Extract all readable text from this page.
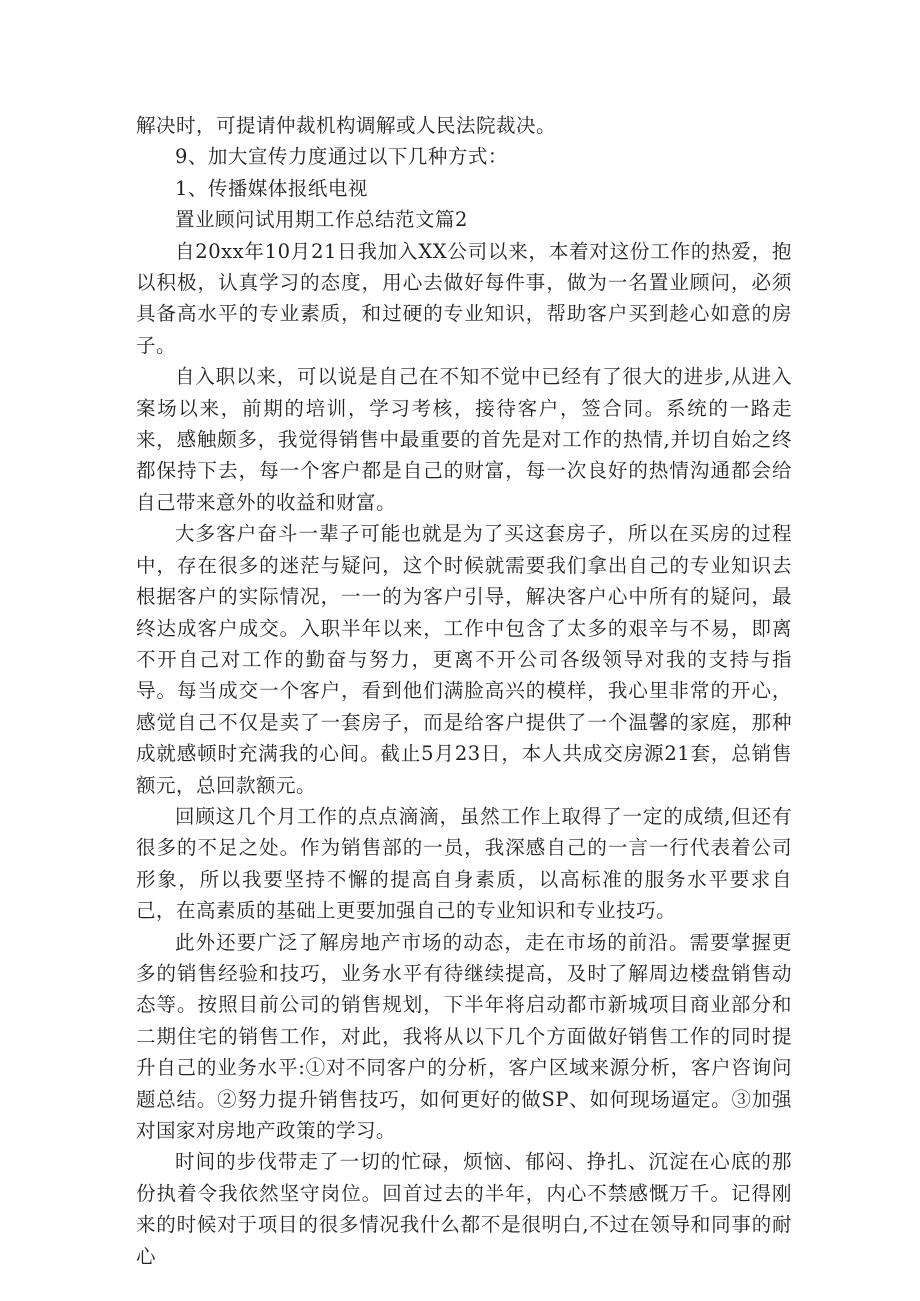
解决时，可提请仲裁机构调解或人民法院裁决。

9、加大宣传力度通过以下几种方式：

1、传播媒体报纸电视

置业顾问试用期工作总结范文篇2

自20xx年10月21日我加入XX公司以来，本着对这份工作的热爱，抱以积极，认真学习的态度，用心去做好每件事，做为一名置业顾问，必须具备高水平的专业素质，和过硬的专业知识，帮助客户买到趁心如意的房子。

自入职以来，可以说是自己在不知不觉中已经有了很大的进步,从进入案场以来，前期的培训，学习考核，接待客户，签合同。系统的一路走来，感触颇多，我觉得销售中最重要的首先是对工作的热情,并切自始之终都保持下去，每一个客户都是自己的财富，每一次良好的热情沟通都会给自己带来意外的收益和财富。

大多客户奋斗一辈子可能也就是为了买这套房子，所以在买房的过程中，存在很多的迷茫与疑问，这个时候就需要我们拿出自己的专业知识去根据客户的实际情况，一一的为客户引导，解决客户心中所有的疑问，最终达成客户成交。入职半年以来，工作中包含了太多的艰辛与不易，即离不开自己对工作的勤奋与努力，更离不开公司各级领导对我的支持与指导。每当成交一个客户，看到他们满脸高兴的模样，我心里非常的开心，感觉自己不仅是卖了一套房子，而是给客户提供了一个温馨的家庭，那种成就感顿时充满我的心间。截止5月23日，本人共成交房源21套，总销售额元，总回款额元。

回顾这几个月工作的点点滴滴，虽然工作上取得了一定的成绩,但还有很多的不足之处。作为销售部的一员，我深感自己的一言一行代表着公司形象，所以我要坚持不懈的提高自身素质，以高标准的服务水平要求自己，在高素质的基础上更要加强自己的专业知识和专业技巧。

此外还要广泛了解房地产市场的动态，走在市场的前沿。需要掌握更多的销售经验和技巧，业务水平有待继续提高，及时了解周边楼盘销售动态等。按照目前公司的销售规划，下半年将启动都市新城项目商业部分和二期住宅的销售工作，对此，我将从以下几个方面做好销售工作的同时提升自己的业务水平:①对不同客户的分析，客户区域来源分析，客户咨询问题总结。②努力提升销售技巧，如何更好的做SP、如何现场逼定。③加强对国家对房地产政策的学习。

时间的步伐带走了一切的忙碌，烦恼、郁闷、挣扎、沉淀在心底的那份执着令我依然坚守岗位。回首过去的半年，内心不禁感慨万千。记得刚来的时候对于项目的很多情况我什么都不是很明白,不过在领导和同事的耐心
